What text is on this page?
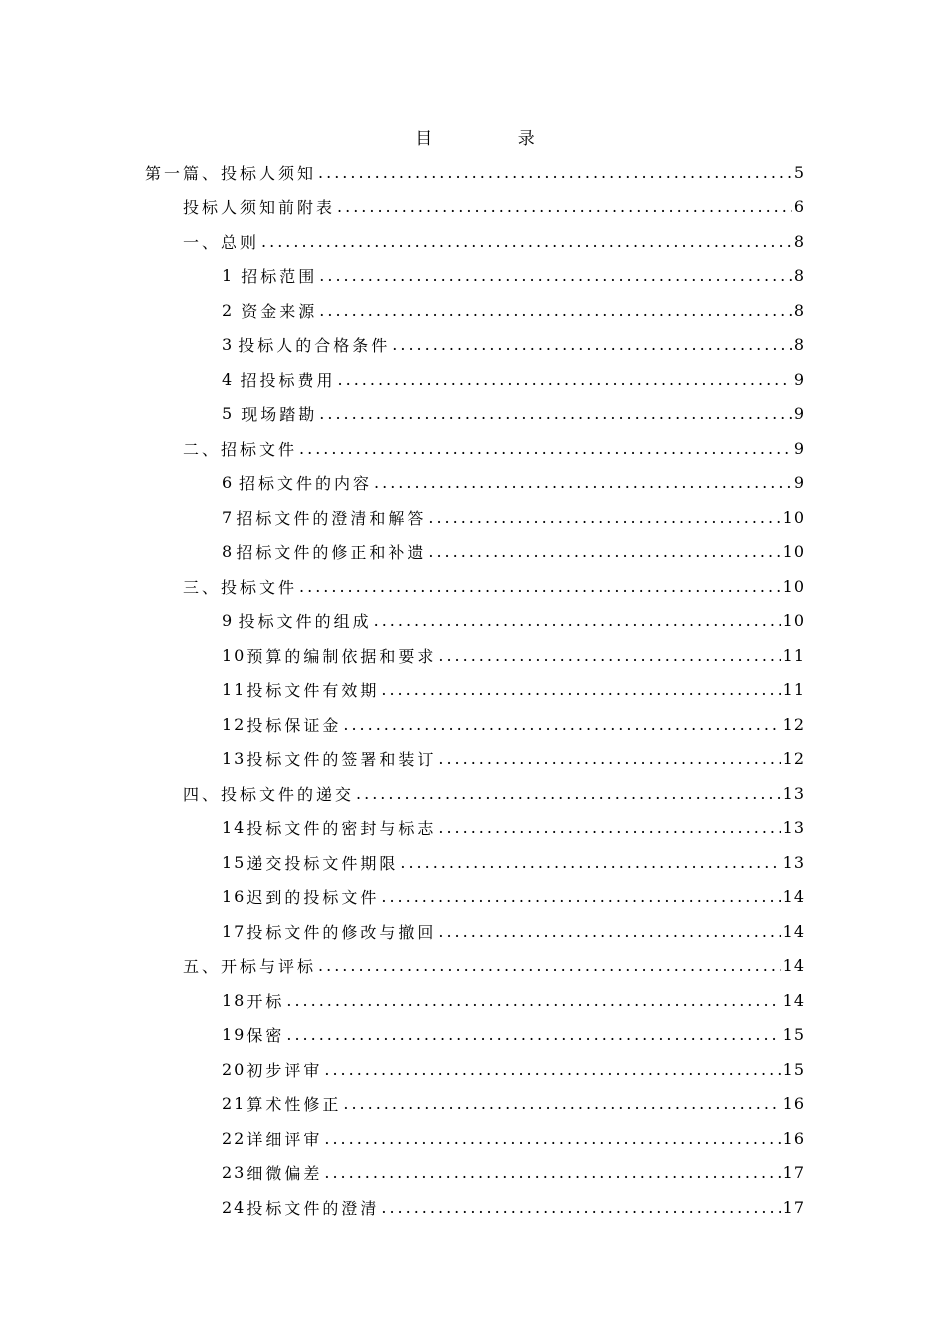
目 录
第一篇、投标人须知 .....	5
投标人须知前附表 .....	6
一、总则 .....	8
1 招标范围 .....	8
2 资金来源 .....	8
3 投标人的合格条件 .....	8
4 招投标费用 .....	9
5 现场踏勘 .....	9
二、招标文件 .....	9
6 招标文件的内容 .....	9
7 招标文件的澄清和解答 .....	10
8 招标文件的修正和补遗 .....	10
三、投标文件 .....	10
9 投标文件的组成 .....	10
10 预算的编制依据和要求 .....	11
11 投标文件有效期 .....	11
12 投标保证金 .....	12
13 投标文件的签署和装订 .....	12
四、投标文件的递交 .....	13
14 投标文件的密封与标志 .....	13
15 递交投标文件期限 .....	13
16 迟到的投标文件 .....	14
17 投标文件的修改与撤回 .....	14
五、开标与评标 .....	14
18 开标 .....	14
19 保密 .....	15
20 初步评审 .....	15
21 算术性修正 .....	16
22 详细评审 .....	16
23 细微偏差 .....	17
24 投标文件的澄清 .....	17
